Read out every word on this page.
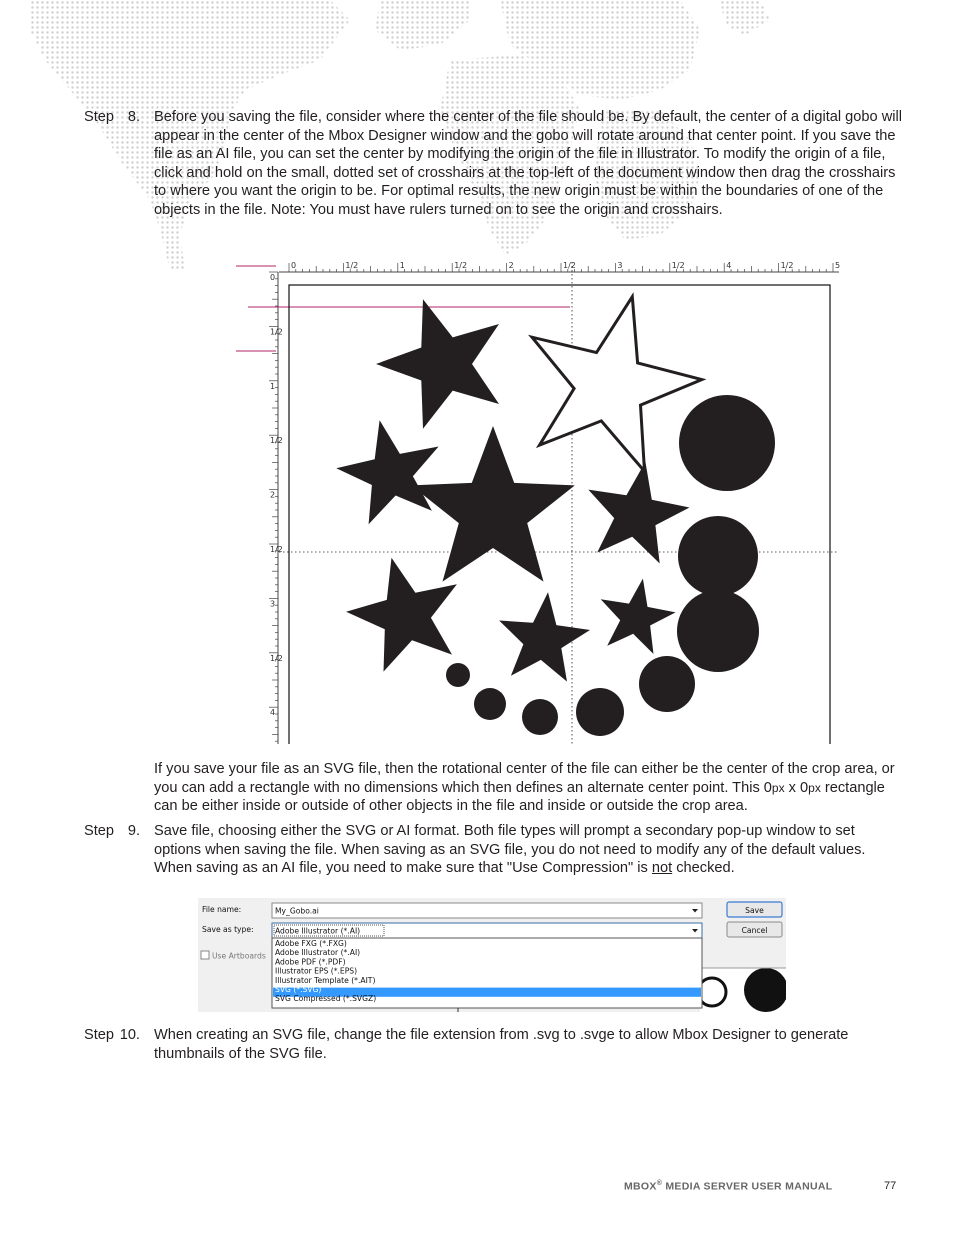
Step 8. Before you saving the file, consider where the center of the file should be. By default, the center of a digital gobo will appear in the center of the Mbox Designer window and the gobo will rotate around that center point. If you save the file as an AI file, you can set the center by modifying the origin of the file in Illustrator. To modify the origin of a file, click and hold on the small, dotted set of crosshairs at the top-left of the document window then drag the crosshairs to where you want the origin to be. For optimal results, the new origin must be within the boundaries of one of the objects in the file. Note: You must have rulers turned on to see the origin and crosshairs.
0	1/2	1	1/2	2	1/2	3	1/2	4	1/2	5
0
1/2
1
1/2
2
1/2
3
1/2
4
If you save your file as an SVG file, then the rotational center of the file can either be the center of the crop area, or you can add a rectangle with no dimensions which then defines an alternate center point. This 0px x 0px rectangle can be either inside or outside of other objects in the file and inside or outside the crop area.
Step 9. Save file, choosing either the SVG or AI format. Both file types will prompt a secondary pop-up window to set options when saving the file. When saving as an SVG file, you do not need to modify any of the default values. When saving as an AI file, you need to make sure that "Use Compression" is not checked.
File name:
Save as type:
My_Gobo.ai
Adobe Illustrator (*.AI)
Adobe FXG (*.FXG)
Adobe Illustrator (*.AI)
Adobe PDF (*.PDF)
Illustrator EPS (*.EPS)
Illustrator Template (*.AIT)
SVG (*.SVG)
SVG Compressed (*.SVGZ)
Use Artboards
Save
Cancel
Step 10. When creating an SVG file, change the file extension from .svg to .svge to allow Mbox Designer to generate thumbnails of the SVG file.
MBOX® MEDIA SERVER USER MANUAL	77
